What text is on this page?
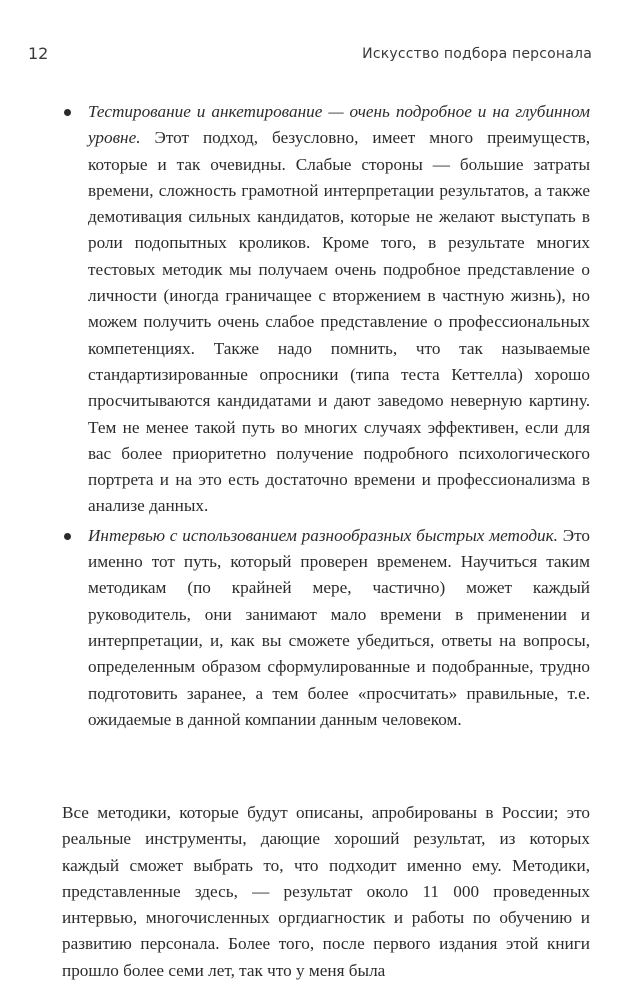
12	Искусство подбора персонала
Тестирование и анкетирование — очень подробное и на глубинном уровне. Этот подход, безусловно, имеет много преимуществ, которые и так очевидны. Слабые стороны — большие затраты времени, сложность грамотной интерпретации результатов, а также демотивация сильных кандидатов, которые не желают выступать в роли подопытных кроликов. Кроме того, в результате многих тестовых методик мы получаем очень подробное представление о личности (иногда граничащее с вторжением в частную жизнь), но можем получить очень слабое представление о профессиональных компетенциях. Также надо помнить, что так называемые стандартизированные опросники (типа теста Кеттелла) хорошо просчитываются кандидатами и дают заведомо неверную картину. Тем не менее такой путь во многих случаях эффективен, если для вас более приоритетно получение подробного психологического портрета и на это есть достаточно времени и профессионализма в анализе данных.
Интервью с использованием разнообразных быстрых методик. Это именно тот путь, который проверен временем. Научиться таким методикам (по крайней мере, частично) может каждый руководитель, они занимают мало времени в применении и интерпретации, и, как вы сможете убедиться, ответы на вопросы, определенным образом сформулированные и подобранные, трудно подготовить заранее, а тем более «просчитать» правильные, т.е. ожидаемые в данной компании данным человеком.

Все методики, которые будут описаны, апробированы в России; это реальные инструменты, дающие хороший результат, из которых каждый сможет выбрать то, что подходит именно ему. Методики, представленные здесь, — результат около 11 000 проведенных интервью, многочисленных оргдиагностик и работы по обучению и развитию персонала. Более того, после первого издания этой книги прошло более семи лет, так что у меня была
